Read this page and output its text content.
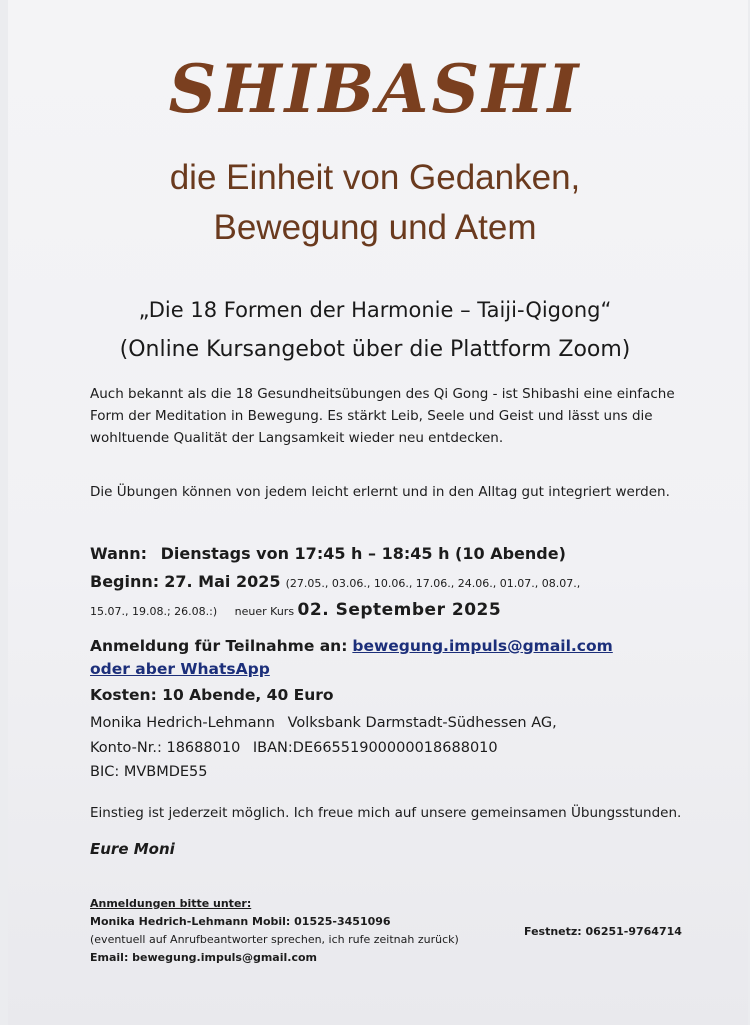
SHIBASHI
die Einheit von Gedanken,
Bewegung und Atem
„Die 18 Formen der Harmonie – Taiji-Qigong“
(Online Kursangebot über die Plattform Zoom)
Auch bekannt als die 18 Gesundheitsübungen des Qi Gong - ist Shibashi eine einfache Form der Meditation in Bewegung. Es stärkt Leib, Seele und Geist und lässt uns die wohltuende Qualität der Langsamkeit wieder neu entdecken.
Die Übungen können von jedem leicht erlernt und in den Alltag gut integriert werden.
Wann: Dienstags von 17:45 h – 18:45 h (10 Abende)
Beginn: 27. Mai 2025 (27.05., 03.06., 10.06., 17.06., 24.06., 01.07., 08.07.,
15.07., 19.08.; 26.08.:) neuer Kurs 02. September 2025
Anmeldung für Teilnahme an: bewegung.impuls@gmail.com
oder aber WhatsApp
Kosten: 10 Abende, 40 Euro
Monika Hedrich-Lehmann Volksbank Darmstadt-Südhessen AG,
Konto-Nr.: 18688010 IBAN:DE66551900000018688010
BIC: MVBMDE55
Einstieg ist jederzeit möglich. Ich freue mich auf unsere gemeinsamen Übungsstunden.
Eure Moni
Anmeldungen bitte unter:
Monika Hedrich-Lehmann Mobil: 01525-3451096
(eventuell auf Anrufbeantworter sprechen, ich rufe zeitnah zurück)
Email: bewegung.impuls@gmail.com
Festnetz: 06251-9764714
